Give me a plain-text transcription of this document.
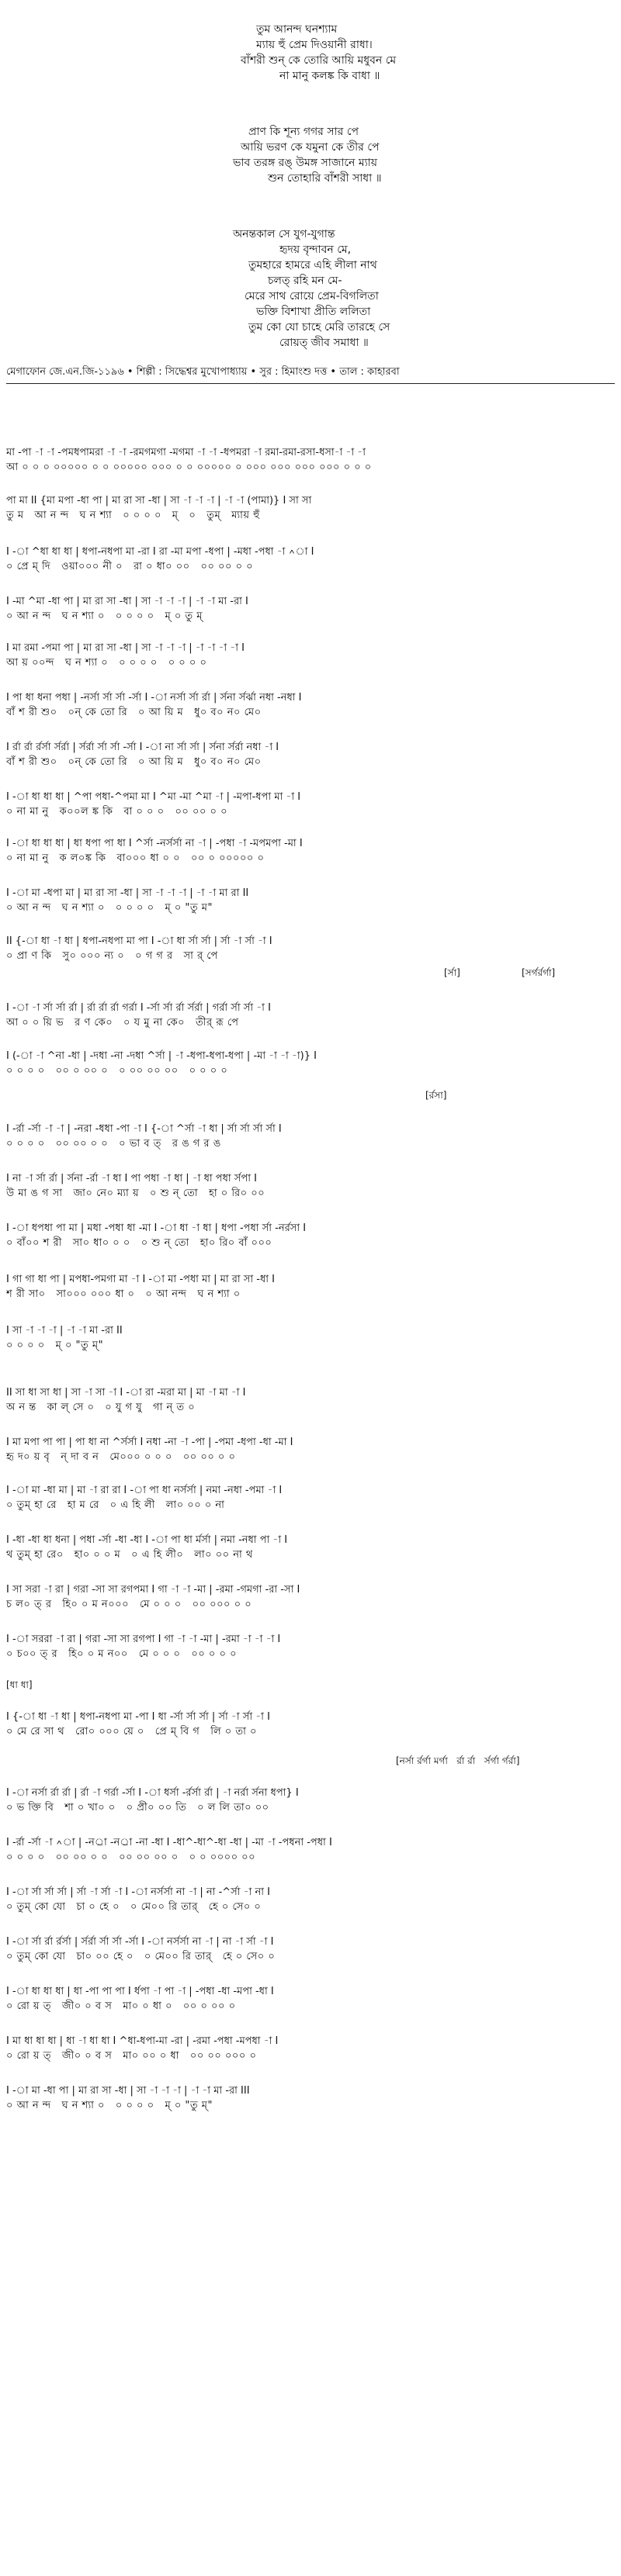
তুম আনন্দ ঘনশ্যাম
ম্যায় হুঁ প্রেম দিওয়ানী রাধা।
বাঁশরী শুন্ কে তোরি আয়ি মধুবন মে
না মানু কলঙ্ক কি বাধা ॥
প্রাণ কি শূন্য গগর সার পে
আয়ি ভরণ কে যমুনা কে তীর পে
ভাব তরঙ্গ রঙ্ উমঙ্গ সাজানে ম্যায়
শুন তোহারি বাঁশরী সাধা ॥
অনন্তকাল সে যুগ-যুগান্ত
হৃদয় বৃন্দাবন মে,
তুমহারে হামরে এহি লীলা নাথ
চলত্‌ রহি মন মে-
মেরে সাথ রোয়ে প্রেম-বিগলিতা
ভক্তি বিশাখা প্রীতি ললিতা
তুম কো যো চাহে মেরি তারহে সে
রোয়ত্‌ জীব সমাধা ॥
মেগাফোন জে.এন.জি-১১৯৬ • শিল্পী : সিদ্ধেশ্বর মুখোপাধ্যায় • সুর : হিমাংশু দত্ত • তাল : কাহারবা
মা -পা -া -া -পমধপামরা -া -া -রমগমগা -মগমা -া -া -ধপমরা -া রমা-রমা-রসা-ধসা-া -া -া
আ ০ ০ ০ ০০০০০ ০ ০ ০০০০০ ০০০ ০ ০ ০০০০০ ০ ০০০ ০০০ ০০০ ০০০ ০ ০ ০
পা মা II {মা মপা -ধা পা | মা রা সা -ধা | সা -া -া -া | -া -া (পামা)} I সা সা
তু ম   আ ন ন্দ   ঘ ন শ্যা   ০ ০ ০ ০   ম্   ০   তুম্   ম্যায় হুঁ
I -া ^ধা ধা ধা | ধপা-নধপা মা -রা I রা -মা মপা -ধপা | -মধা -পধা -া ^া I
০ প্রে ম্ দি   ওয়া০০০ নী ০   রা ০ ধা০ ০০   ০০ ০০ ০ ০
I -মা ^মা -ধা পা | মা রা সা -ধা | সা -া -া -া | -া -া মা -রা I
০ আ ন ন্দ   ঘ ন শ্যা ০   ০ ০ ০ ০   ম্ ০ তু ম্
I মা রমা -পমা পা | মা রা সা -ধা | সা -া -া -া | -া -া -া -া I
আ য় ০০ন্দ   ঘ ন শ্যা ০   ০ ০ ০ ০   ০ ০ ০ ০
I পা ধা ধনা পধা | -নর্সা র্সা র্সা -র্সা I -া নর্সা র্সা র্রা | র্সনা র্সর্ঝা নধা -নধা I
বাঁ শ রী শু০   ০ন্ কে তো রি   ০ আ য়ি ম   ধু০ ব০ ন০ মে০
I র্রা র্রা র্রর্সা র্সর্রা | র্সর্রা র্সা র্সা -র্সা I -া না র্সা র্সা | র্সনা র্সর্রা নধা -া I
বাঁ শ রী শু০   ০ন্ কে তো রি   ০ আ য়ি ম   ধু০ ব০ ন০ মে০
I -া ধা ধা ধা | ^পা পধা-^পমা মা I ^মা -মা ^মা -া | -মপা-ধপা মা -া I
০ না মা নু   ক০০ল ঙ্ক কি   বা ০ ০ ০   ০০ ০০ ০ ০
I -া ধা ধা ধা | ধা ধপা পা ধা I ^র্সা -নর্সর্সা না -া | -পধা -া -মপমপা -মা I
০ না মা নু   ক ল০ঙ্ক কি   বা০০০ ধা ০ ০   ০০ ০ ০০০০০ ০
I -া মা -ধপা মা | মা রা সা -ধা | সা -া -া -া | -া -া মা রা II
০ আ ন ন্দ   ঘ ন শ্যা ০   ০ ০ ০ ০   ম্ ০ "তু ম"
II {-া ধা -া ধা | ধপা-নধপা মা পা I -া ধা র্সা র্সা | র্সা -া র্সা -া I
০ প্রা ণ কি   সু০ ০০০ ন্য ০   ০ গ গ র   সা র্ পে
I -া -া র্সা র্সা র্রা | র্রা র্রা র্রা গর্রা I -র্সা র্সা র্রা র্সর্রা | গর্রা র্সা র্সা -া I
আ ০ ০ য়ি ভ   র ণ কে০   ০ য মু না কে০   তীর্ রূ পে
I (-া -া ^না -ধা | -দধা -না -দধা ^র্সা | -া -ধপা-ধপা-ধপা | -মা -া -া -া)} I
০ ০ ০ ০   ০০ ০ ০০ ০   ০ ০০ ০০ ০০   ০ ০ ০ ০
I -র্রা -র্সা -া -া | -নরা -ধধা -পা -া I {-া ^র্সা -া ধা | র্সা র্সা র্সা র্সা I
০ ০ ০ ০   ০০ ০০ ০ ০   ০ ভা ব ত্‌   র ঙ গ র ঙ
I না -া র্সা র্রা | র্সনা -র্রা -া ধা I পা পধা -া ধা | -া ধা পধা র্সপা I
উ মা ঙ গ সা   জা০ নে০ ম্যা য়   ০ শু ন্ তো   হা ০ রি০ ০০
I -া ধপধা পা মা | মধা -পধা ধা -মা I -া ধা -া ধা | ধপা -পধা র্সা -নর্রসা I
০ বাঁ০০ শ রী   সা০ ধা০ ০ ০   ০ শু ন্ তো   হা০ রি০ বাঁ ০০০
I গা গা ধা পা | মপধা-পমগা মা -া I -া মা -পধা মা | মা রা সা -ধা I
শ রী সা০   সা০০০ ০০০ ধা ০   ০ আ নন্দ   ঘ ন শ্যা ০
I সা -া -া -া | -া -া মা -রা II
০ ০ ০ ০   ম্ ০ "তু ম্"
II সা ধা সা ধা | সা -া সা -া I -া রা -মরা মা | মা -া মা -া I
অ ন ন্ত   কা ল্ সে ০   ০ যু গ যু   গা ন্ ত ০
I মা মপা পা পা | পা ধা না ^র্সর্সা I নধা -না -া -পা | -পমা -ধপা -ধা -মা I
হৃ দ০ য় বৃ   ন্ দা ব ন   মে০০০ ০ ০ ০   ০০ ০০ ০ ০
I -া মা -ধা মা | মা -া রা রা I -া পা ধা নর্সর্সা | নমা -নধা -পমা -া I
০ তুম্ হা রে   হা ম রে   ০ এ হি লী   লা০ ০০ ০ না
I -ধা -ধা ধা ধনা | পধা -র্সা -ধা -ধা I -া পা ধা র্মর্সা | নমা -নধা পা -া I
থ তুম্ হা রে০   হা০ ০ ০ ম   ০ এ হি লী০   লা০ ০০ না থ
I সা সরা -া রা | গরা -সা সা রগপমা I গা -া -া -মা | -রমা -গমগা -রা -সা I
চ ল০ ত্‌ র   হি০ ০ ম ন০০০   মে ০ ০ ০   ০০ ০০০ ০ ০
I -া সররা -া রা | গরা -সা সা রগপা I গা -া -া -মা | -রমা -া -া -া I
০ চ০০ ত্‌ র   হি০ ০ ম ন০০   মে ০ ০ ০   ০০ ০ ০ ০
I {-া ধা -া ধা | ধপা-নধপা মা -পা I ধা -র্সা র্সা র্সা | র্সা -া র্সা -া I
০ মে রে সা থ   রো০ ০০০ য়ে ০   প্রে ম্ বি গ   লি ০ তা ০
I -া নর্সা র্রা র্রা | র্রা -া গর্রা -র্সা I -া ধর্সা -র্রর্সা র্রা | -া নর্রা র্সনা ধপা} I
০ ভ ক্তি বি   শা ০ খা০ ০   ০ প্রী০ ০০ তি   ০ ল লি তা০ ০০
I -র্রা -র্সা -া ^া | -নর্া -নর্া -না -ধা I -ধা^-ধা^-ধা -ধা | -মা -া -পধনা -পধা I
০ ০ ০ ০   ০০ ০০ ০ ০   ০০ ০০ ০০ ০   ০ ০ ০০০০ ০০
I -া র্সা র্সা র্সা | র্সা -া র্সা -া I -া নর্সর্সা না -া | না -^র্সা -া না I
০ তুম্ কো যো   চা ০ হে ০   ০ মে০০ রি তার্   হে ০ সে০ ০
I -া র্সা র্রা র্রর্সা | র্সর্রা র্সা র্সা -র্সা I -া নর্সর্সা না -া | না -া র্সা -া I
০ তুম্ কো যো   চা০ ০০ হে ০   ০ মে০০ রি তার্   হে ০ সে০ ০
I -া ধা ধা ধা | ধা -পা পা পা I র্ধপা -া পা -া | -পধা -ধা -মপা -ধা I
০ রো য় ত্‌   জী০ ০ ব স   মা০ ০ ধা ০   ০০ ০ ০০ ০
I মা ধা ধা ধা | ধা -া ধা ধা I ^ধা-ধপা-মা -রা | -রমা -পধা -মপধা -া I
০ রো য় ত্‌   জী০ ০ ব স   মা০ ০০ ০ ধা   ০০ ০০ ০০০ ০
I -া মা -ধা পা | মা রা সা -ধা | সা -া -া -া | -া -া মা -রা III
০ আ ন ন্দ   ঘ ন শ্যা ০   ০ ০ ০ ০   ম্ ০ "তু ম্"
[র্সা]	[সর্গর্রর্গা]
[র্রসা]
[ধা ধা]
[নর্সা র্রর্গা মর্গা   র্রা র্রা   র্সর্গা র্গর্রা]
